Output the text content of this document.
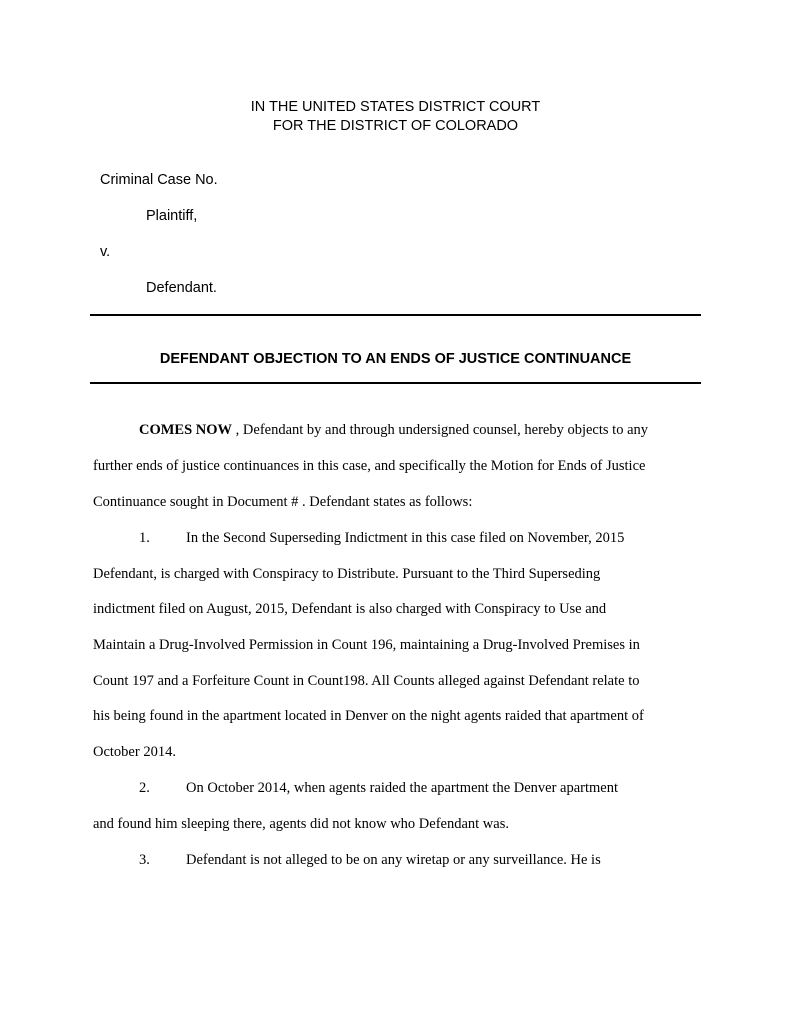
IN THE UNITED STATES DISTRICT COURT
FOR THE DISTRICT OF COLORADO
Criminal Case No.
Plaintiff,
v.
Defendant.
DEFENDANT OBJECTION TO AN ENDS OF JUSTICE CONTINUANCE
COMES NOW , Defendant by and through undersigned counsel, hereby objects to any
further ends of justice continuances in this case, and specifically the Motion for Ends of Justice
Continuance sought in Document # . Defendant states as follows:
1. In the Second Superseding Indictment in this case filed on November, 2015
Defendant, is charged with Conspiracy to Distribute. Pursuant to the Third Superseding
indictment filed on August, 2015, Defendant is also charged with Conspiracy to Use and
Maintain a Drug-Involved Permission in Count 196, maintaining a Drug-Involved Premises in
Count 197 and a Forfeiture Count in Count198. All Counts alleged against Defendant relate to
his being found in the apartment located in Denver on the night agents raided that apartment of
October 2014.
2. On October 2014, when agents raided the apartment the Denver apartment
and found him sleeping there, agents did not know who Defendant was.
3. Defendant is not alleged to be on any wiretap or any surveillance. He is
